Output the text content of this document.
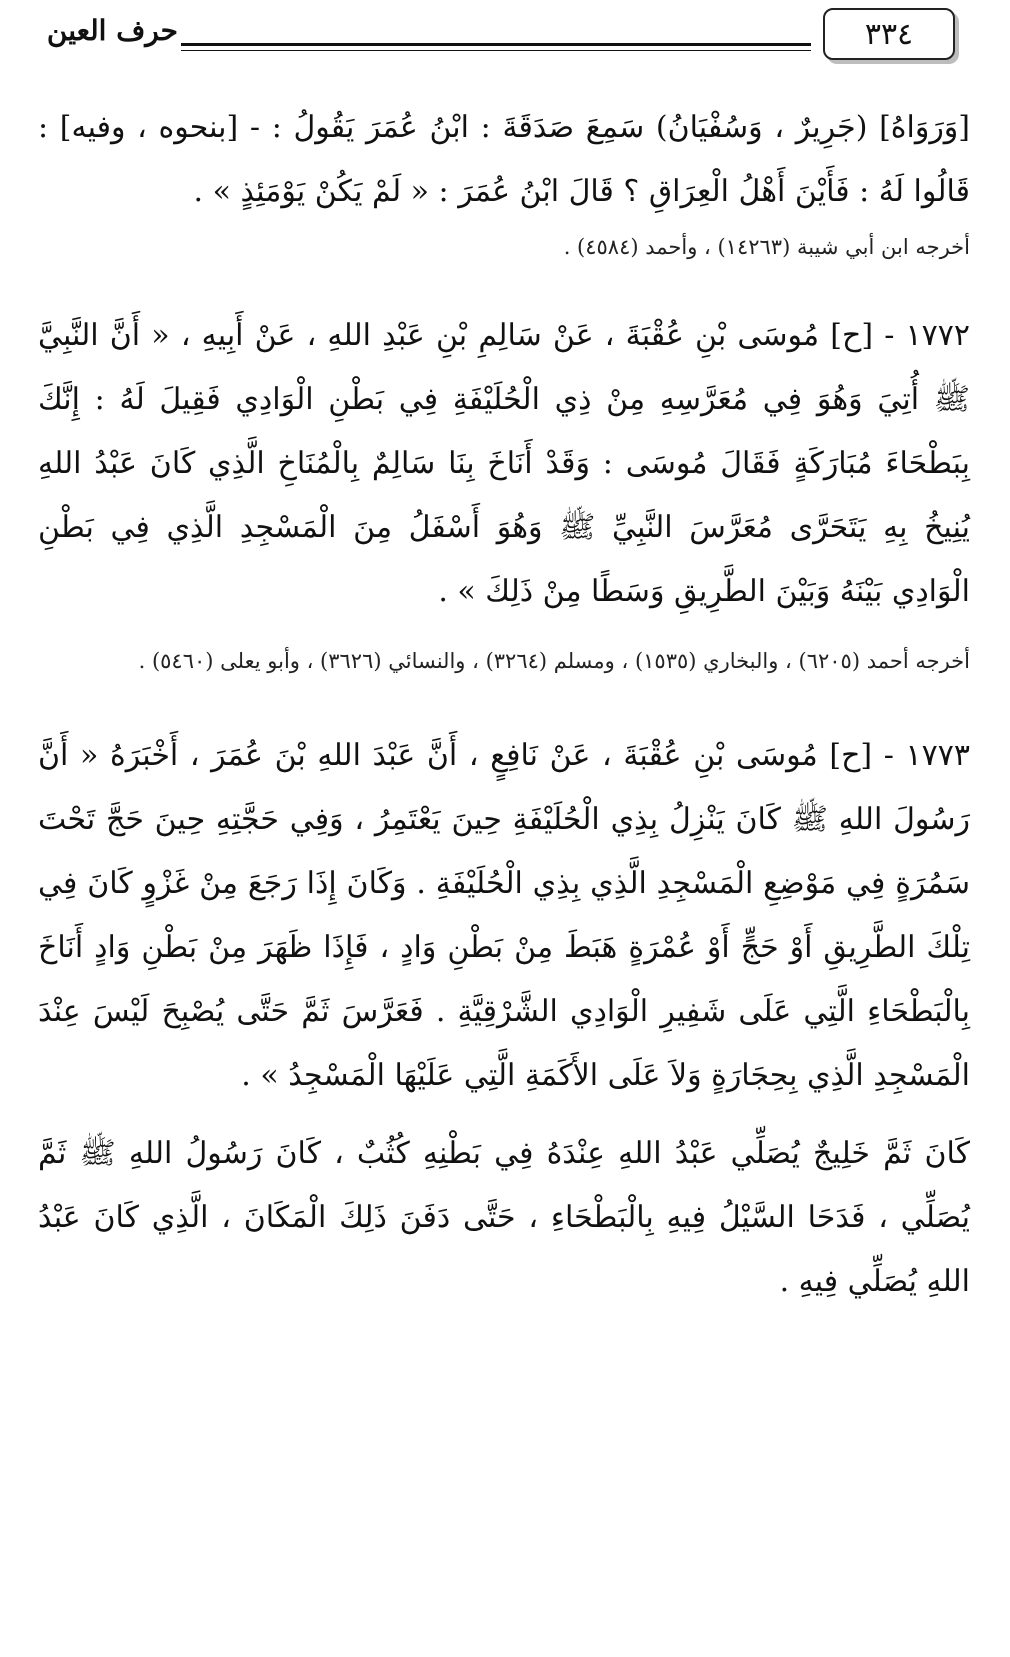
٣٣٤
حرف العين

[وَرَوَاهُ] (جَرِيرٌ ، وَسُفْيَانُ) سَمِعَ صَدَقَةَ : ابْنُ عُمَرَ يَقُولُ : - [بنحوه ، وفيه] : قَالُوا لَهُ : فَأَيْنَ أَهْلُ الْعِرَاقِ ؟ قَالَ ابْنُ عُمَرَ : « لَمْ يَكُنْ يَوْمَئِذٍ » .

أخرجه ابن أبي شيبة (١٤٢٦٣) ، وأحمد (٤٥٨٤) .

١٧٧٢ - [ح] مُوسَى بْنِ عُقْبَةَ ، عَنْ سَالِمِ بْنِ عَبْدِ اللهِ ، عَنْ أَبِيهِ ، « أَنَّ النَّبِيَّ ﷺ أُتِيَ وَهُوَ فِي مُعَرَّسِهِ مِنْ ذِي الْحُلَيْفَةِ فِي بَطْنِ الْوَادِي فَقِيلَ لَهُ : إِنَّكَ بِبَطْحَاءَ مُبَارَكَةٍ فَقَالَ مُوسَى : وَقَدْ أَنَاخَ بِنَا سَالِمٌ بِالْمُنَاخِ الَّذِي كَانَ عَبْدُ اللهِ يُنِيخُ بِهِ يَتَحَرَّى مُعَرَّسَ النَّبِيِّ ﷺ وَهُوَ أَسْفَلُ مِنَ الْمَسْجِدِ الَّذِي فِي بَطْنِ الْوَادِي بَيْنَهُ وَبَيْنَ الطَّرِيقِ وَسَطًا مِنْ ذَلِكَ » .

أخرجه أحمد (٦٢٠٥) ، والبخاري (١٥٣٥) ، ومسلم (٣٢٦٤) ، والنسائي (٣٦٢٦) ، وأبو يعلى (٥٤٦٠) .

١٧٧٣ - [ح] مُوسَى بْنِ عُقْبَةَ ، عَنْ نَافِعٍ ، أَنَّ عَبْدَ اللهِ بْنَ عُمَرَ ، أَخْبَرَهُ « أَنَّ رَسُولَ اللهِ ﷺ كَانَ يَنْزِلُ بِذِي الْحُلَيْفَةِ حِينَ يَعْتَمِرُ ، وَفِي حَجَّتِهِ حِينَ حَجَّ تَحْتَ سَمُرَةٍ فِي مَوْضِعِ الْمَسْجِدِ الَّذِي بِذِي الْحُلَيْفَةِ . وَكَانَ إِذَا رَجَعَ مِنْ غَزْوٍ كَانَ فِي تِلْكَ الطَّرِيقِ أَوْ حَجٍّ أَوْ عُمْرَةٍ هَبَطَ مِنْ بَطْنِ وَادٍ ، فَإِذَا ظَهَرَ مِنْ بَطْنِ وَادٍ أَنَاخَ بِالْبَطْحَاءِ الَّتِي عَلَى شَفِيرِ الْوَادِي الشَّرْقِيَّةِ . فَعَرَّسَ ثَمَّ حَتَّى يُصْبِحَ لَيْسَ عِنْدَ الْمَسْجِدِ الَّذِي بِحِجَارَةٍ وَلاَ عَلَى الأَكَمَةِ الَّتِي عَلَيْهَا الْمَسْجِدُ » .

كَانَ ثَمَّ خَلِيجٌ يُصَلِّي عَبْدُ اللهِ عِنْدَهُ فِي بَطْنِهِ كُثُبٌ ، كَانَ رَسُولُ اللهِ ﷺ ثَمَّ يُصَلِّي ، فَدَحَا السَّيْلُ فِيهِ بِالْبَطْحَاءِ ، حَتَّى دَفَنَ ذَلِكَ الْمَكَانَ ، الَّذِي كَانَ عَبْدُ اللهِ يُصَلِّي فِيهِ .
